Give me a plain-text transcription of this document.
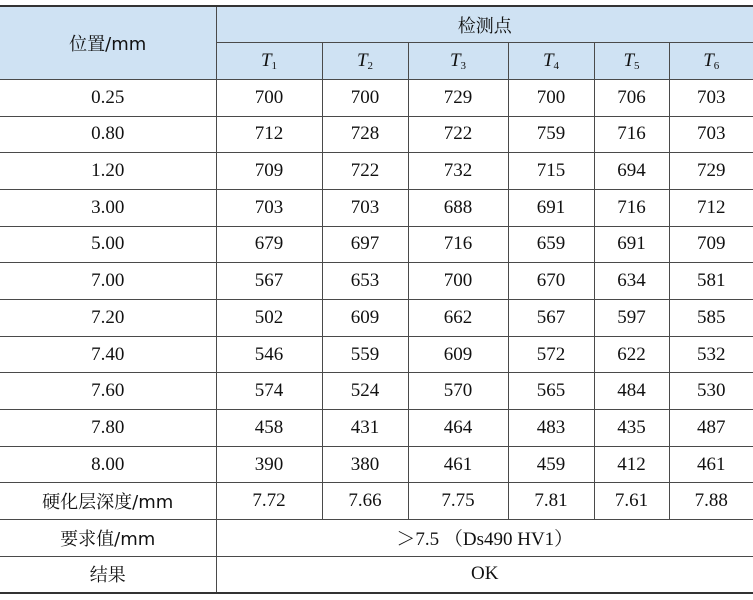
位置/mm	检测点					
	$T_1$	$T_2$	$T_3$	$T_4$	$T_5$	$T_6$
0.25	700	700	729	700	706	703
0.80	712	728	722	759	716	703
1.20	709	722	732	715	694	729
3.00	703	703	688	691	716	712
5.00	679	697	716	659	691	709
7.00	567	653	700	670	634	581
7.20	502	609	662	567	597	585
7.40	546	559	609	572	622	532
7.60	574	524	570	565	484	530
7.80	458	431	464	483	435	487
8.00	390	380	461	459	412	461
硬化层深度/mm	7.72	7.66	7.75	7.81	7.61	7.88
要求值/mm	＞7.5 （Ds490 HV1）					
结果	OK					
